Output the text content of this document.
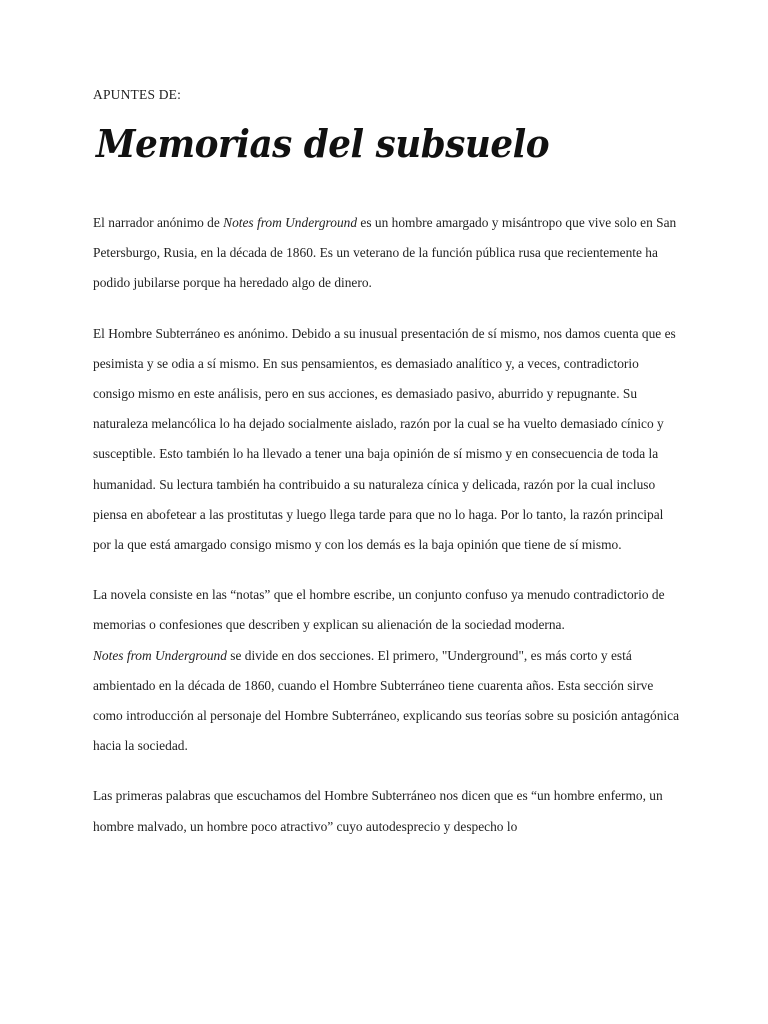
APUNTES DE:
Memorias del subsuelo

El narrador anónimo de Notes from Underground es un hombre amargado y misántropo que vive solo en San Petersburgo, Rusia, en la década de 1860. Es un veterano de la función pública rusa que recientemente ha podido jubilarse porque ha heredado algo de dinero.

El Hombre Subterráneo es anónimo. Debido a su inusual presentación de sí mismo, nos damos cuenta que es pesimista y se odia a sí mismo. En sus pensamientos, es demasiado analítico y, a veces, contradictorio consigo mismo en este análisis, pero en sus acciones, es demasiado pasivo, aburrido y repugnante. Su naturaleza melancólica lo ha dejado socialmente aislado, razón por la cual se ha vuelto demasiado cínico y susceptible. Esto también lo ha llevado a tener una baja opinión de sí mismo y en consecuencia de toda la humanidad. Su lectura también ha contribuido a su naturaleza cínica y delicada, razón por la cual incluso piensa en abofetear a las prostitutas y luego llega tarde para que no lo haga. Por lo tanto, la razón principal por la que está amargado consigo mismo y con los demás es la baja opinión que tiene de sí mismo.

La novela consiste en las “notas” que el hombre escribe, un conjunto confuso ya menudo contradictorio de memorias o confesiones que describen y explican su alienación de la sociedad moderna.

Notes from Underground se divide en dos secciones. El primero, "Underground", es más corto y está ambientado en la década de 1860, cuando el Hombre Subterráneo tiene cuarenta años. Esta sección sirve como introducción al personaje del Hombre Subterráneo, explicando sus teorías sobre su posición antagónica hacia la sociedad.

Las primeras palabras que escuchamos del Hombre Subterráneo nos dicen que es “un hombre enfermo, un hombre malvado, un hombre poco atractivo” cuyo autodesprecio y despecho lo
